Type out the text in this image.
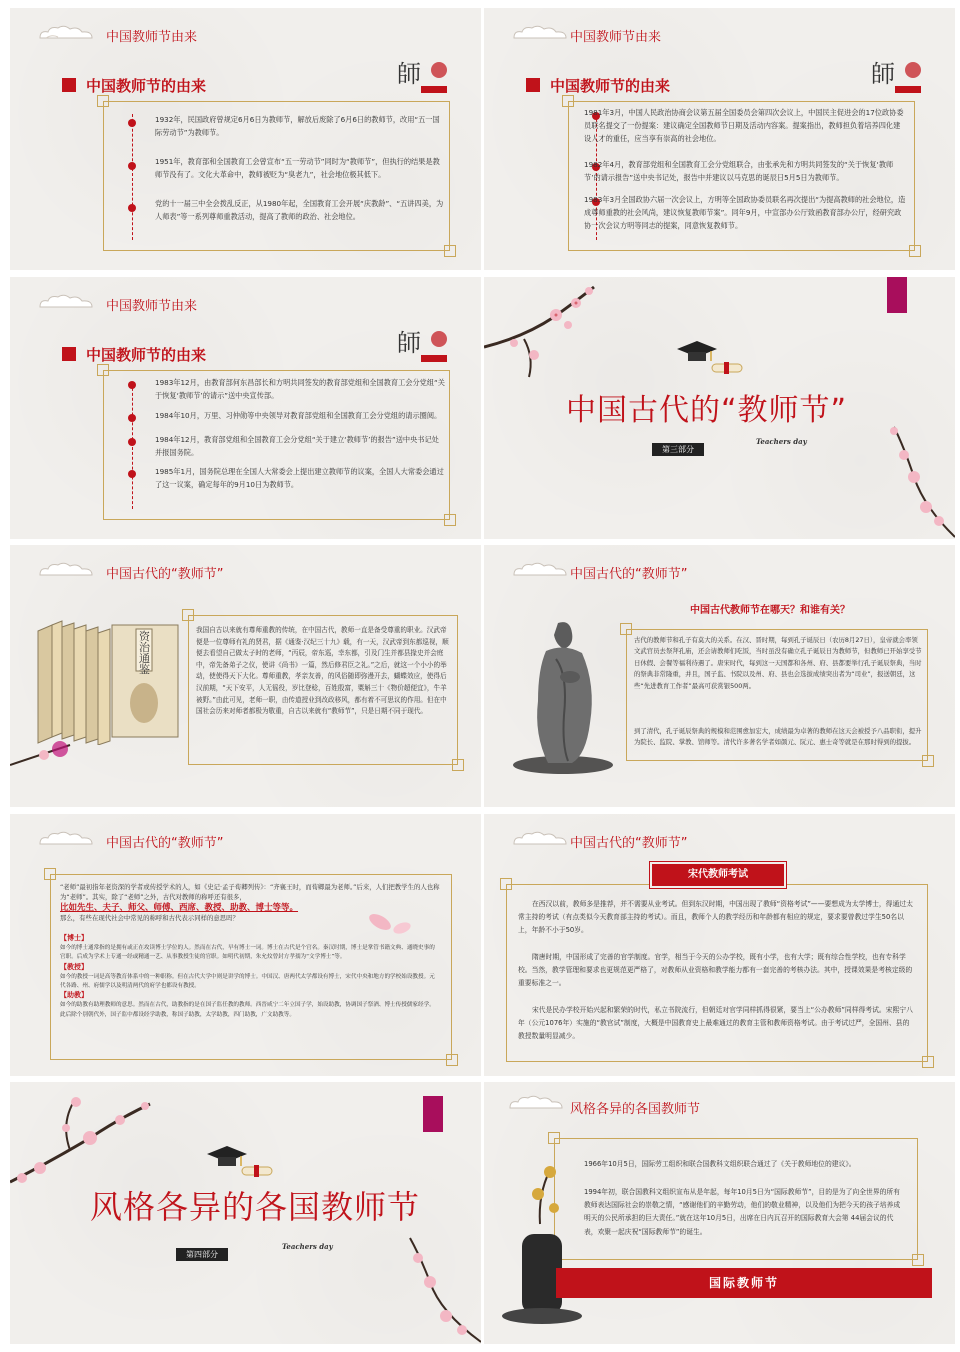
中国教师节由来
師
中国教师节的由来
1932年，民国政府曾规定6月6日为教师节，解放后废除了6月6日的教师节，改用“五一国际劳动节”为教师节。
1951年，教育部和全国教育工会曾宣布“五一劳动节”同时为“教师节”，但执行的结果是教师节没有了。文化大革命中，教师被贬为“臭老九”，社会地位极其低下。
党的十一届三中全会拨乱反正，从1980年起，全国教育工会开展“庆教龄”、“五讲四美，为人师表”等一系列尊师重教活动，提高了教师的政治、社会地位。
中国教师节由来
師
中国教师节的由来
1981年3月，中国人民政治协商会议第五届全国委员会第四次会议上，中国民主促进会的17位政协委员联名提交了一份提案：建议确定全国教师节日期及活动内容案。提案指出，教师担负着培养四化建设人才的重任，应当享有崇高的社会地位。
1982年4月，教育部党组和全国教育工会分党组联合，由张承先和方明共同签发的“关于恢复‘教师节’的请示报告”送中央书记处，报告中并建议以马克思的诞辰日5月5日为教师节。
1983年3月全国政协六届一次会议上，方明等全国政协委员联名再次提出“为提高教师的社会地位，造成尊师重教的社会风尚，建议恢复教师节案”。同年9月，中宣部办公厅致函教育部办公厅，经研究政协一次会议方明等同志的提案，同意恢复教师节。
中国教师节由来
師
中国教师节的由来
1983年12月，由教育部何东昌部长和方明共同签发的教育部党组和全国教育工会分党组“关于恢复‘教师节’的请示”送中央宣传部。
1984年10月，万里、习仲勋等中央领导对教育部党组和全国教育工会分党组的请示圈阅。
1984年12月，教育部党组和全国教育工会分党组“关于建立‘教师节’的报告”送中央书记处并报国务院。
1985年1月，国务院总理在全国人大常委会上提出建立教师节的议案，全国人大常委会通过了这一议案，确定每年的9月10日为教师节。
中国古代的“教师节”
第三部分
Teachers day
中国古代的“教师节”
资治通鉴
我国自古以来就有尊师重教的传统，在中国古代，教师一直是备受尊重的职业。汉武帝便是一位尊师有礼的贤君，据《通鉴·汉纪三十九》载，有一天，汉武帝到东都巡视，顺便去看望自己做太子时的老师，“丙辰，帝东巡，幸东都，引及门生并都县掾史并会庭中，帝先备弟子之仪，使讲《尚书》一篇，然后修君臣之礼。”之后，就这一个小小的举动，使使得天下大化。尊师重教，孝亲友善，的风俗随即弥漫开去，蝴蝶效应，使得后汉前期，“天下安平，人无徭役，岁比登稔，百姓殷富，粟斛三十《物价超便宜》，牛羊被野。”由此可见，老师一职，由传道授业到改政移风，都有着不可思议的作用。但在中国社会历来对师者都极为敬重，自古以来就有“教师节”，只是日期不同于现代。
中国古代的“教师节”
中国古代教师节在哪天？和谁有关？
古代的教师节和孔子有莫大的关系。在汉、晋时期，每到孔子诞辰日（农历8月27日），皇帝就会率领文武官员去祭拜孔庙，还会请教师们吃饭，当时虽没有确立孔子诞辰日为教师节，但教师已开始享受节日休假、会餐等福利待遇了。唐宋时代，每到这一天国都和各州、府、县都要举行孔子诞辰祭典，当时的祭典非常隆重，并且，国子监、书院以及州、府、县也会选拔成绩突出者为“司业”，报送朝廷，这些“先进教育工作者”最高可获赏银500两。
到了清代，孔子诞辰祭典的规模和范围愈加宏大，成绩最为卓著的教师在这天会被授予八品职衔，提升为院长、监院、掌教、馆师等。清代许多著名学者如颜元、阮元、惠士奇等就是在那时得到的提拔。
中国古代的“教师节”
“老师”最初指年老资深的学者或传授学术的人，如《史记·孟子荀卿列传》：“齐襄王时，而荀卿最为老师。”后来，人们把教学生的人也称为“老师”。其实，除了“老师”之外，古代对教师的称呼还有很多，
比如先生、夫子、师父、师傅、西席、教授、助教、博士等等。
那么，有些在现代社会中常见的称呼和古代表示同样的意思吗？
【博士】
如今的博士通常指的是拥有或正在攻读博士学位的人。然而在古代，早有博士一词。博士在古代是个官名。秦汉时期，博士是掌管书籍文典、通晓史事的官职。后成为学术上专通一经或精通一艺、从事教授生徒的官职。如明代初期，朱允炆曾封方孝孺为“文学博士”等。
【教授】
如今的教授一词是高等教育体系中的一种职称。但在古代大学中则是讲学的博士。中国汉、唐两代太学都设有博士，宋代中央和地方的学校始设教授。元代各路、州、府儒学以及明清两代的府学也都设有教授。
【助教】
如今的助教有助理教师的意思。然而在古代，助教指的是在国子监任教的教师。西晋咸宁二年立国子学，始设助教，协调国子祭酒、博士传授儒家经学。此后除个别朝代外，国子监中都设经学助教，称国子助教，太学助教，四门助教，广文助教等。
中国古代的“教师节”
宋代教师考试
在西汉以前，教师多是推荐，并不需要从业考试。但到东汉时期，中国出现了教师“资格考试”——要想成为太学博士，得通过太常主持的考试（有点类似今天教育部主持的考试）。而且，教师个人的教学经历和年龄都有相应的规定，要求要曾教过学生50名以上，年龄不小于50岁。
隋唐时期，中国形成了完善的官学制度。官学，相当于今天的公办学校，既有小学，也有大学；既有综合性学校，也有专科学校。当然，教学管理和要求也更规范更严格了，对教师从业资格和教学能力都有一套完善的考核办法。其中，授课效果是考核定级的重要标准之一。
宋代是民办学校开始兴起和繁荣的时代，私立书院流行，但朝廷对官学同样抓得很紧，要当上“公办教师”同样得考试。宋熙宁八年（公元1076年）实施的“教官试”制度，大概是中国教育史上最难通过的教育主管和教师资格考试。由于考试过严，全国州、县的教授数量明显减少。
风格各异的各国教师节
第四部分
Teachers day
风格各异的各国教师节
1966年10月5日，国际劳工组织和联合国教科文组织联合通过了《关于教师地位的建议》。
1994年初，联合国教科文组织宣布从是年起，每年10月5日为“国际教师节”，目的是为了向全世界的所有教师表达国际社会的崇敬之情，“感谢他们的辛勤劳动，他们的敬业精神，以及他们为把今天的孩子培养成明天的公民所承担的巨大责任。”就在这年10月5日，出席在日内瓦召开的国际教育大会第 44届会议的代表，欢聚一起庆祝“国际教师节”的诞生。
国际教师节
